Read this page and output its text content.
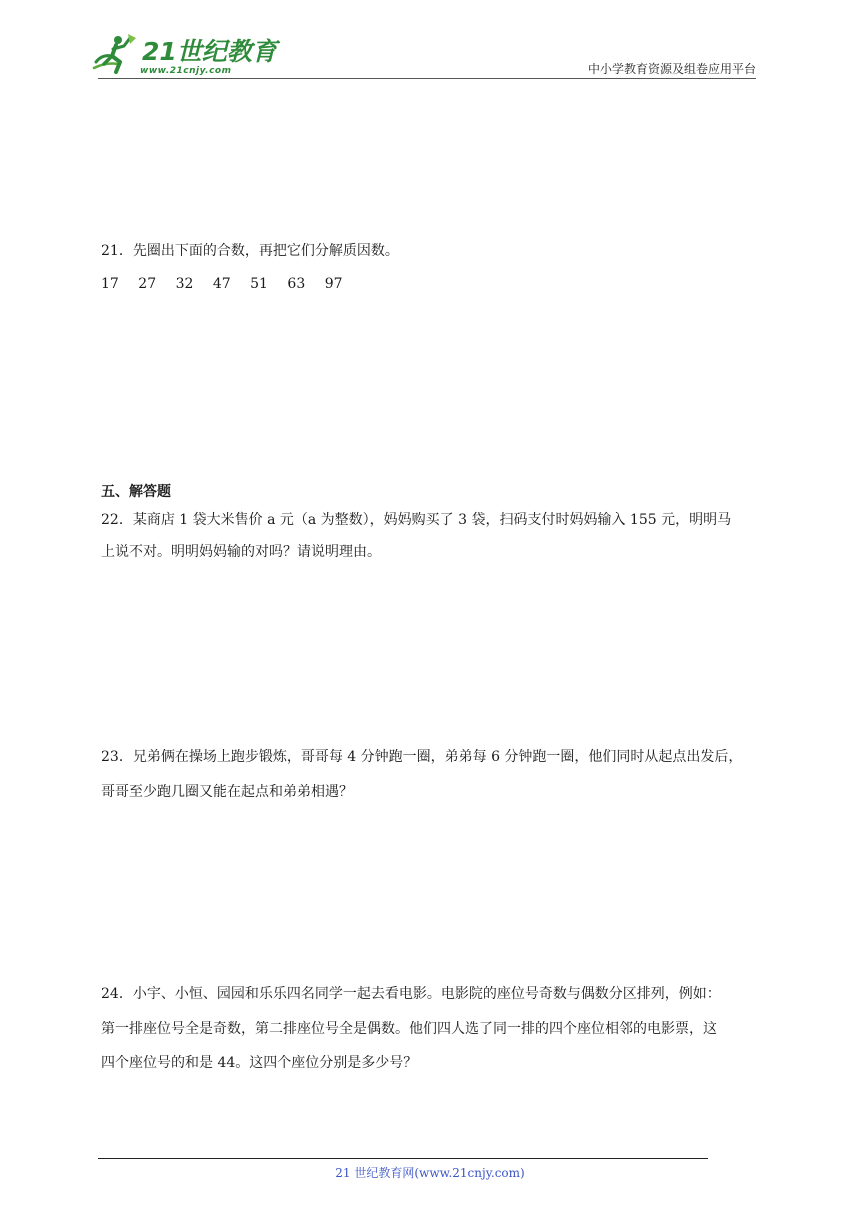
21世纪教育
www.21cnjy.com	中小学教育资源及组卷应用平台
21．先圈出下面的合数，再把它们分解质因数。
17 27 32 47 51 63 97
五、解答题
22．某商店 1 袋大米售价 a 元（a 为整数），妈妈购买了 3 袋，扫码支付时妈妈输入 155 元，明明马
上说不对。明明妈妈输的对吗？请说明理由。
23．兄弟俩在操场上跑步锻炼，哥哥每 4 分钟跑一圈，弟弟每 6 分钟跑一圈，他们同时从起点出发后，
哥哥至少跑几圈又能在起点和弟弟相遇？
24．小宇、小恒、园园和乐乐四名同学一起去看电影。电影院的座位号奇数与偶数分区排列，例如：
第一排座位号全是奇数，第二排座位号全是偶数。他们四人选了同一排的四个座位相邻的电影票，这
四个座位号的和是 44。这四个座位分别是多少号？
21 世纪教育网(www.21cnjy.com)
